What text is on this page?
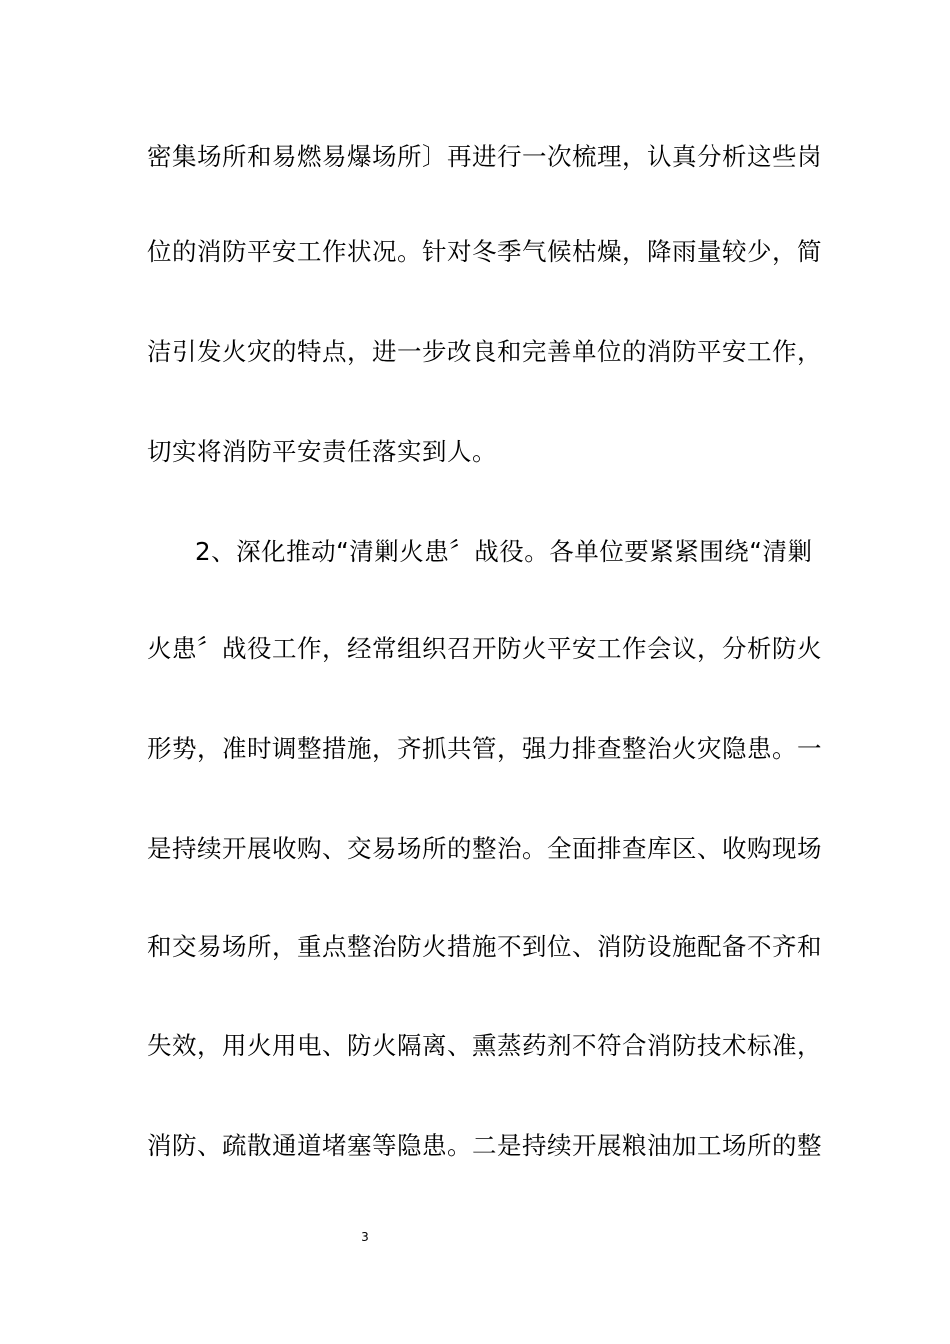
密集场所和易燃易爆场所〕再进行一次梳理，认真分析这些岗
位的消防平安工作状况。针对冬季气候枯燥，降雨量较少，简
洁引发火灾的特点，进一步改良和完善单位的消防平安工作，
切实将消防平安责任落实到人。
2、深化推动“清剿火患〞战役。各单位要紧紧围绕“清剿
火患〞战役工作，经常组织召开防火平安工作会议，分析防火
形势，准时调整措施，齐抓共管，强力排查整治火灾隐患。一
是持续开展收购、交易场所的整治。全面排查库区、收购现场
和交易场所，重点整治防火措施不到位、消防设施配备不齐和
失效，用火用电、防火隔离、熏蒸药剂不符合消防技术标准，
消防、疏散通道堵塞等隐患。二是持续开展粮油加工场所的整
3
